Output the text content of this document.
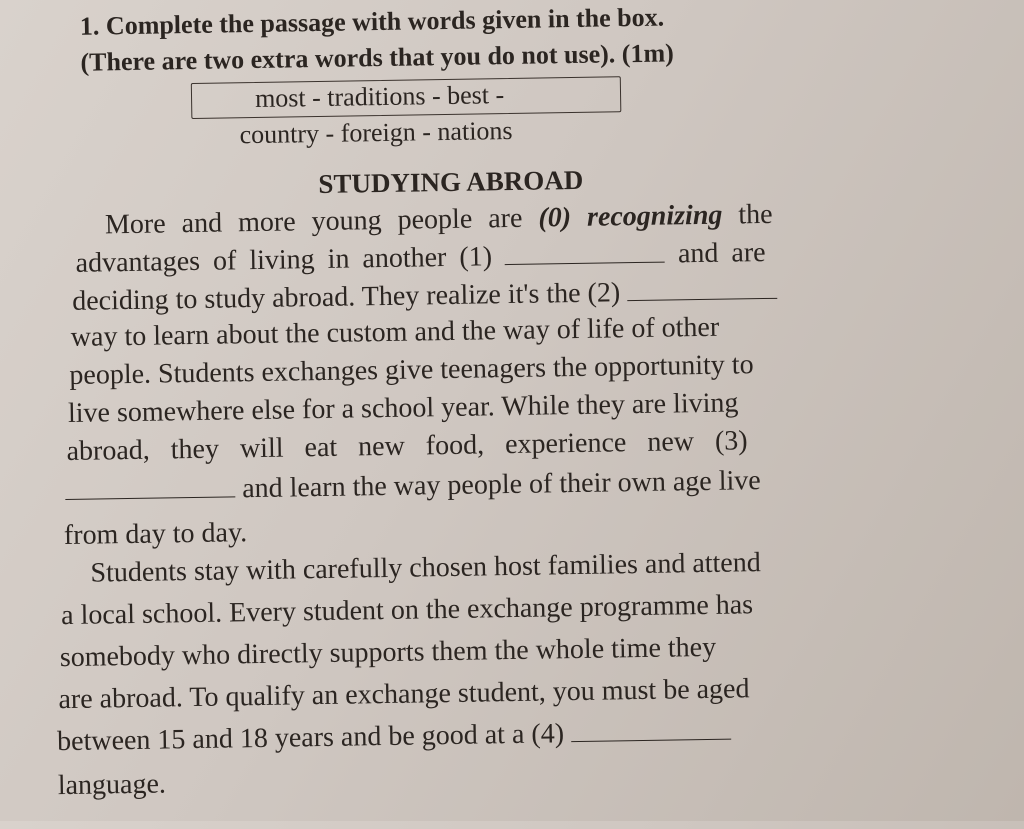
1. Complete the passage with words given in the box.
(There are two extra words that you do not use). (1m)
most - traditions - best -
country - foreign - nations
STUDYING ABROAD
More and more young people are (0) recognizing the
advantages of living in another (1)	and are
deciding to study abroad. They realize it's the (2)
way to learn about the custom and the way of life of other
people. Students exchanges give teenagers the opportunity to
live somewhere else for a school year. While they are living
abroad, they will eat new food, experience new (3)
and learn the way people of their own age live
from day to day.
Students stay with carefully chosen host families and attend
a local school. Every student on the exchange programme has
somebody who directly supports them the whole time they
are abroad. To qualify an exchange student, you must be aged
between 15 and 18 years and be good at a (4)
language.
